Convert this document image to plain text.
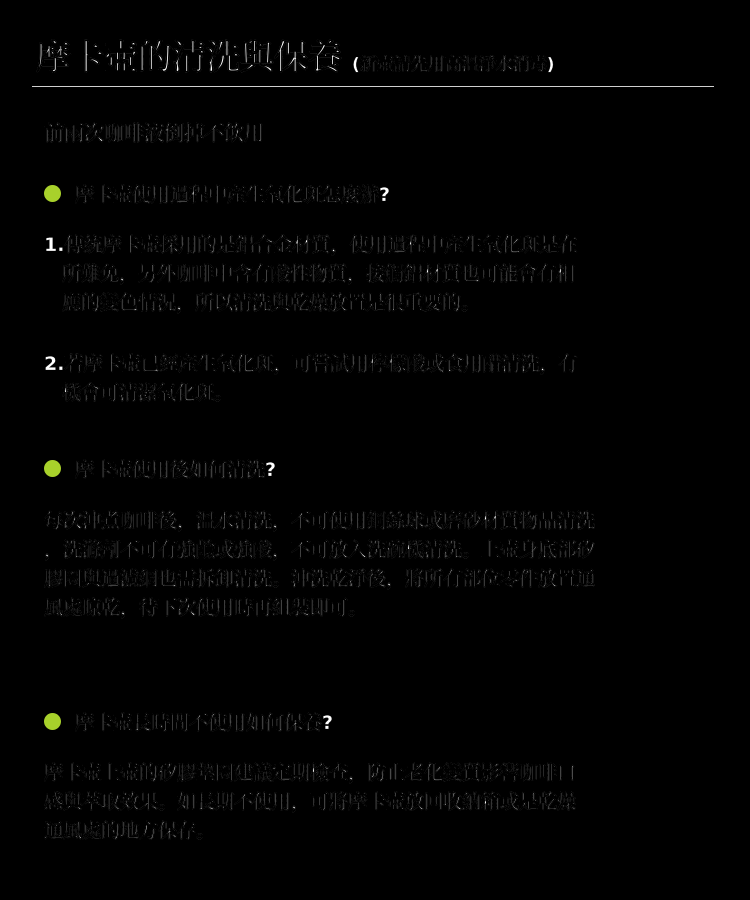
摩卡壺的清洗與保養 (新壺請先用高溫淨水消毒)
前兩次咖啡液倒掉不飲用
摩卡壺使用過程中產生氧化斑怎麼辦?
1.傳統摩卡壺採用的是鋁合金材質，使用過程中產生氧化斑是在
所難免，另外咖啡中含有酸性物質，接觸鋁材質也可能會有相
應的變色情況，所以清洗與乾燥放置是很重要的。
2.若摩卡壺已經產生氧化斑，可嘗試用檸檬酸或食用醋清洗，有
機會可清潔氧化斑。
摩卡壺使用後如何清洗?
每次沖煮咖啡後，溫水清洗，不可使用鋼絲球或磨砂材質物品清洗
，洗滌劑不可有強鹼或強酸，不可放入洗碗機清洗。上壺身底部矽
膠圈與過濾網也需拆卸清洗。沖洗乾淨後，將所有部位零件放置通
風處晾乾，待下次使用時再組裝即可。
摩卡壺長時間不使用如何保養?
摩卡壺上壺的矽膠墊圈建議定期檢查，防止老化變質影響咖啡口
感與萃取效果。如長期不使用，可將摩卡壺放回收納箱或是乾燥
通風處的地方保存。
